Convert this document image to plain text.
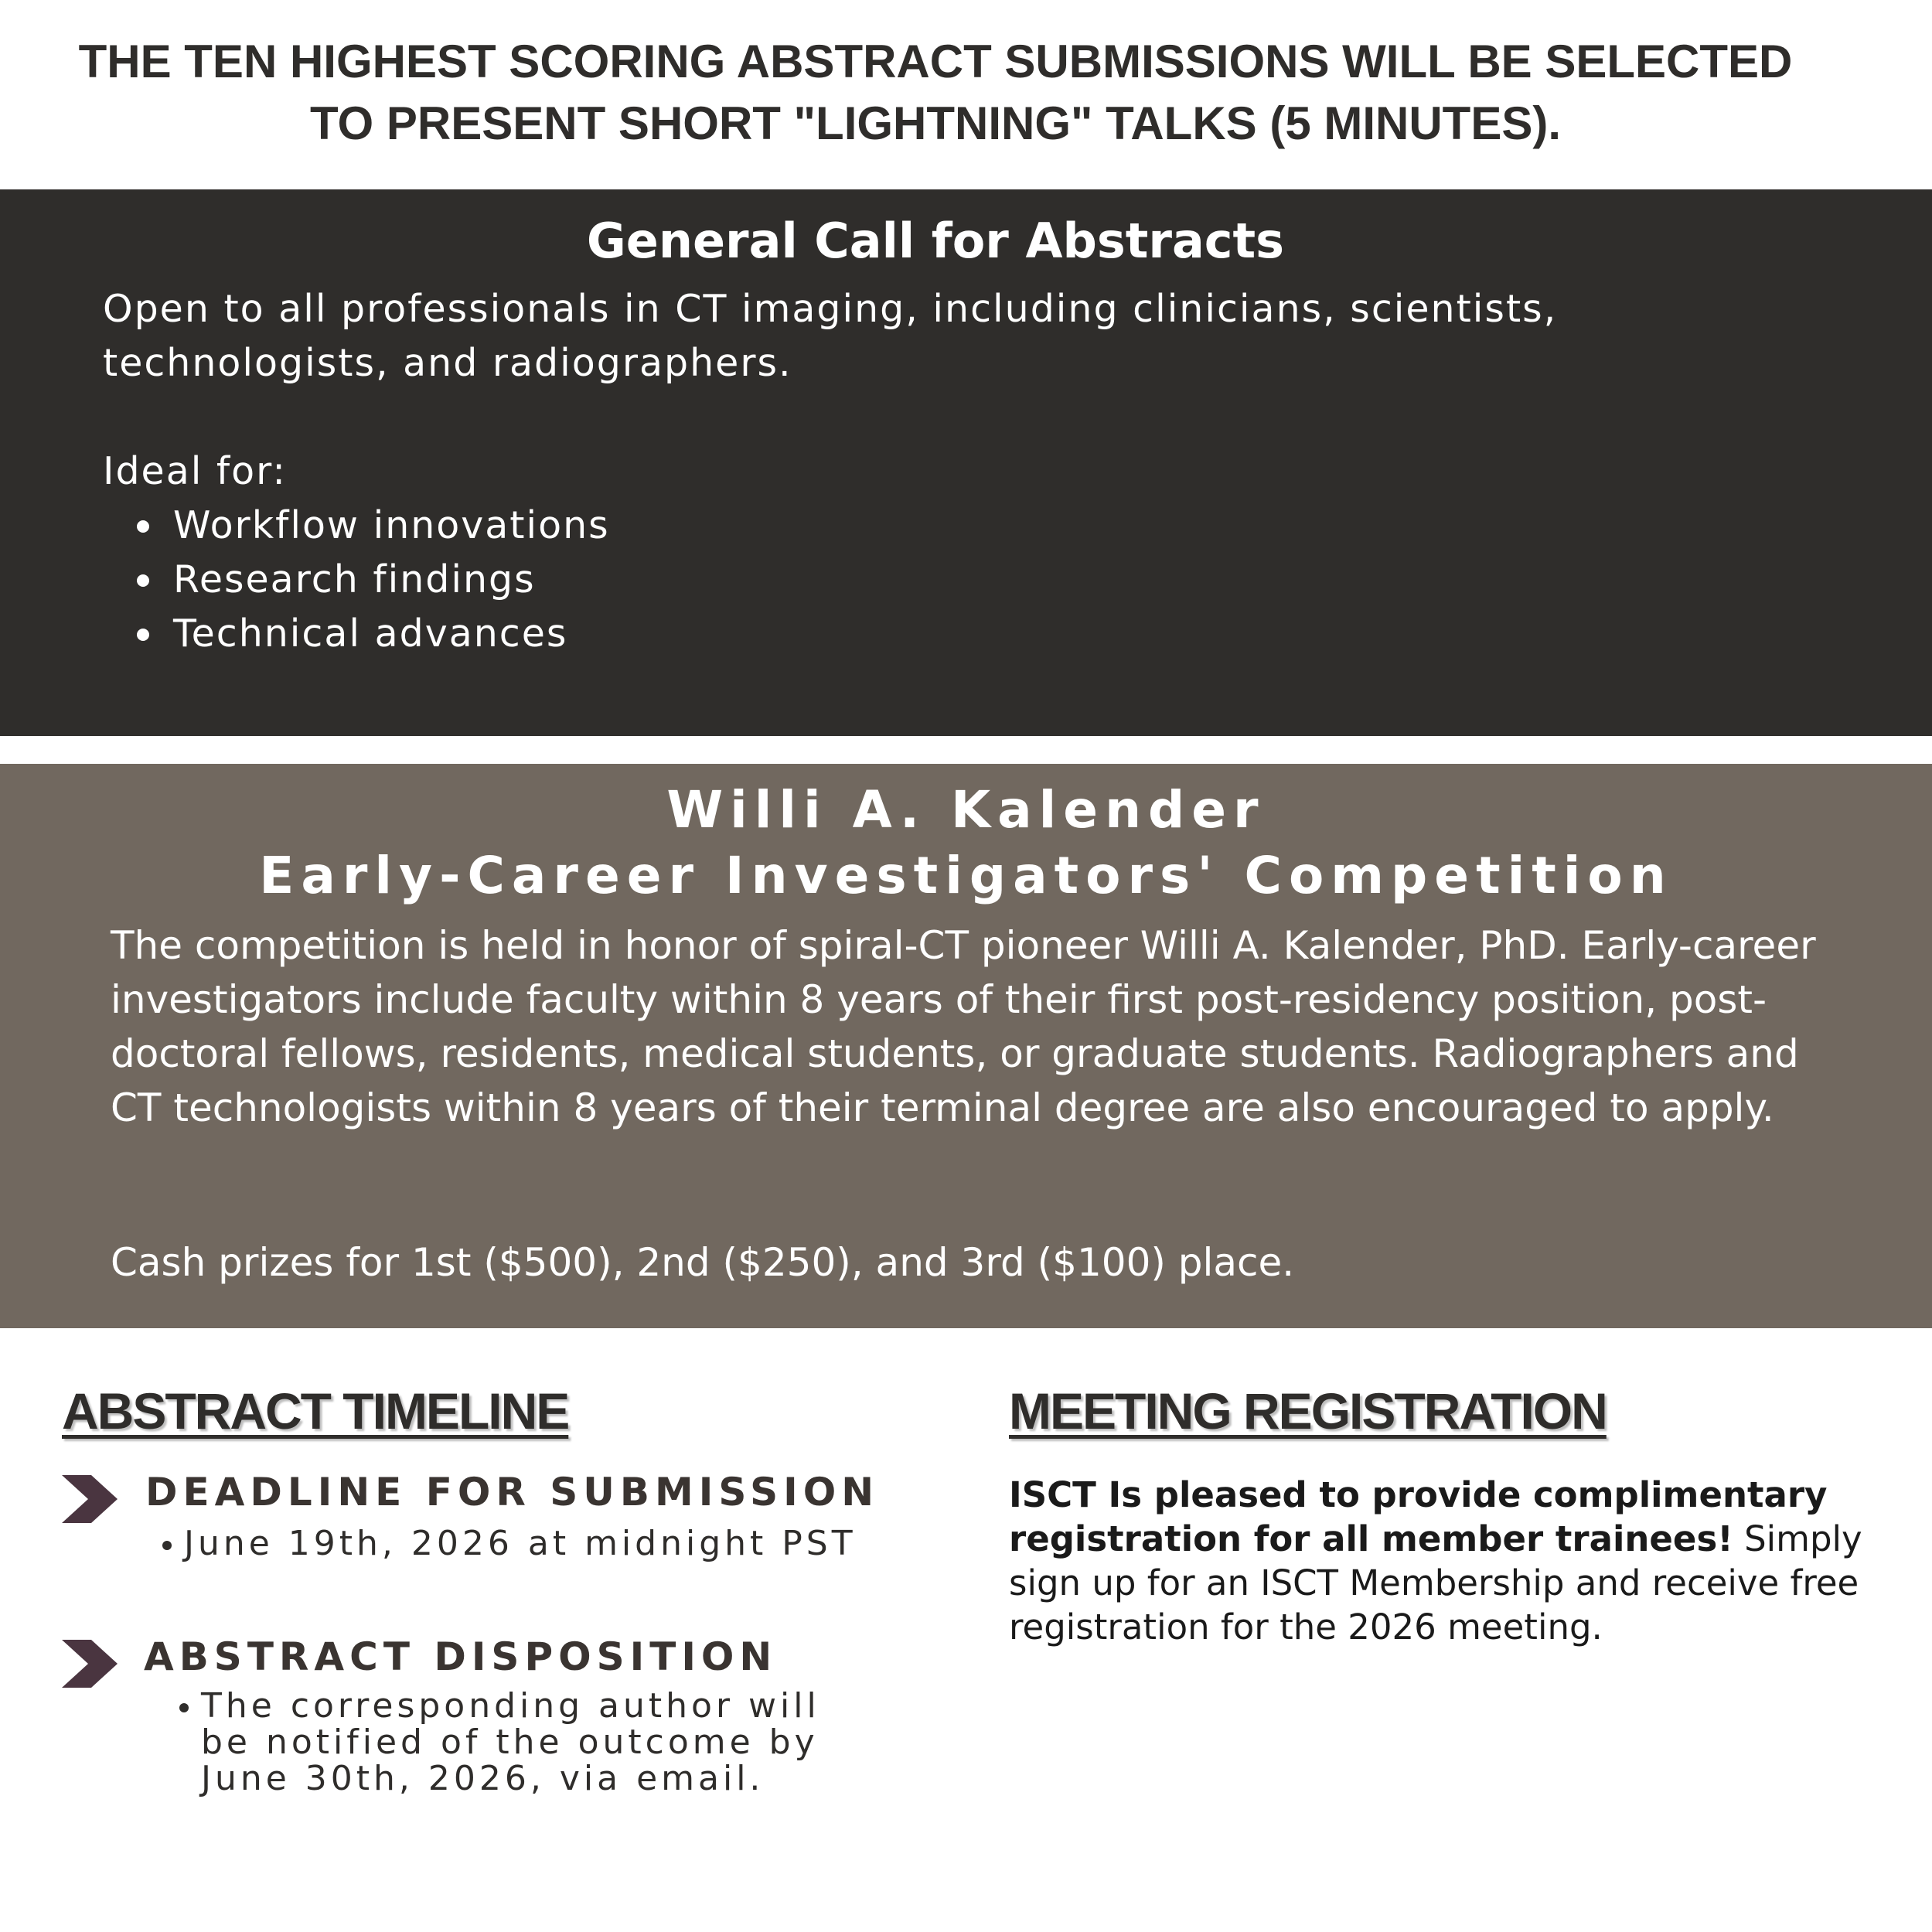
THE TEN HIGHEST SCORING ABSTRACT SUBMISSIONS WILL BE SELECTED
TO PRESENT SHORT "LIGHTNING" TALKS (5 MINUTES).
General Call for Abstracts
Open to all professionals in CT imaging, including clinicians, scientists, technologists, and radiographers.
Ideal for:
Workflow innovations
Research findings
Technical advances
Willi A. Kalender
Early-Career Investigators' Competition

The competition is held in honor of spiral-CT pioneer Willi A. Kalender, PhD. Early-career investigators include faculty within 8 years of their first post-residency position, post-doctoral fellows, residents, medical students, or graduate students. Radiographers and CT technologists within 8 years of their terminal degree are also encouraged to apply.

Cash prizes for 1st ($500), 2nd ($250), and 3rd ($100) place.

ABSTRACT TIMELINE
DEADLINE FOR SUBMISSION
June 19th, 2026 at midnight PST
ABSTRACT DISPOSITION
The corresponding author will be notified of the outcome by June 30th, 2026, via email.
MEETING REGISTRATION

ISCT Is pleased to provide complimentary registration for all member trainees! Simply sign up for an ISCT Membership and receive free registration for the 2026 meeting.
